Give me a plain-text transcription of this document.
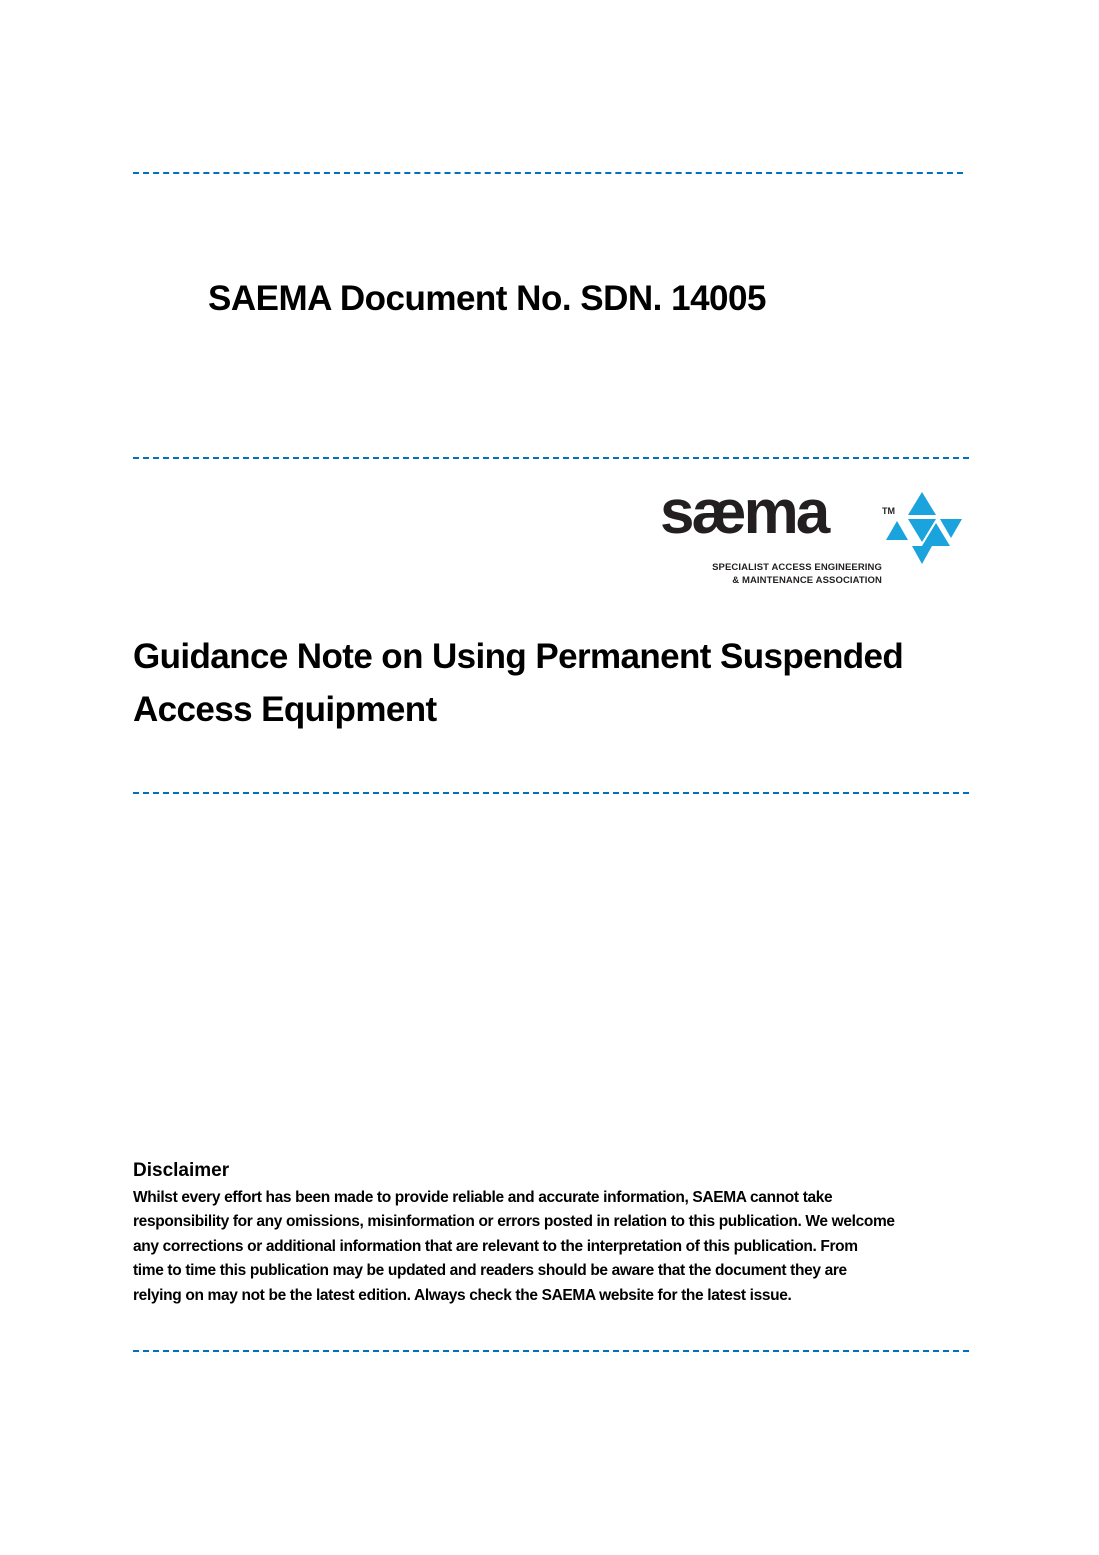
SAEMA Document No. SDN. 14005
sæma	TM
SPECIALIST ACCESS ENGINEERING
& MAINTENANCE ASSOCIATION
Guidance Note on Using Permanent Suspended
Access Equipment
Disclaimer
Whilst every effort has been made to provide reliable and accurate information, SAEMA cannot take
responsibility for any omissions, misinformation or errors posted in relation to this publication. We welcome
any corrections or additional information that are relevant to the interpretation of this publication. From
time to time this publication may be updated and readers should be aware that the document they are
relying on may not be the latest edition. Always check the SAEMA website for the latest issue.
